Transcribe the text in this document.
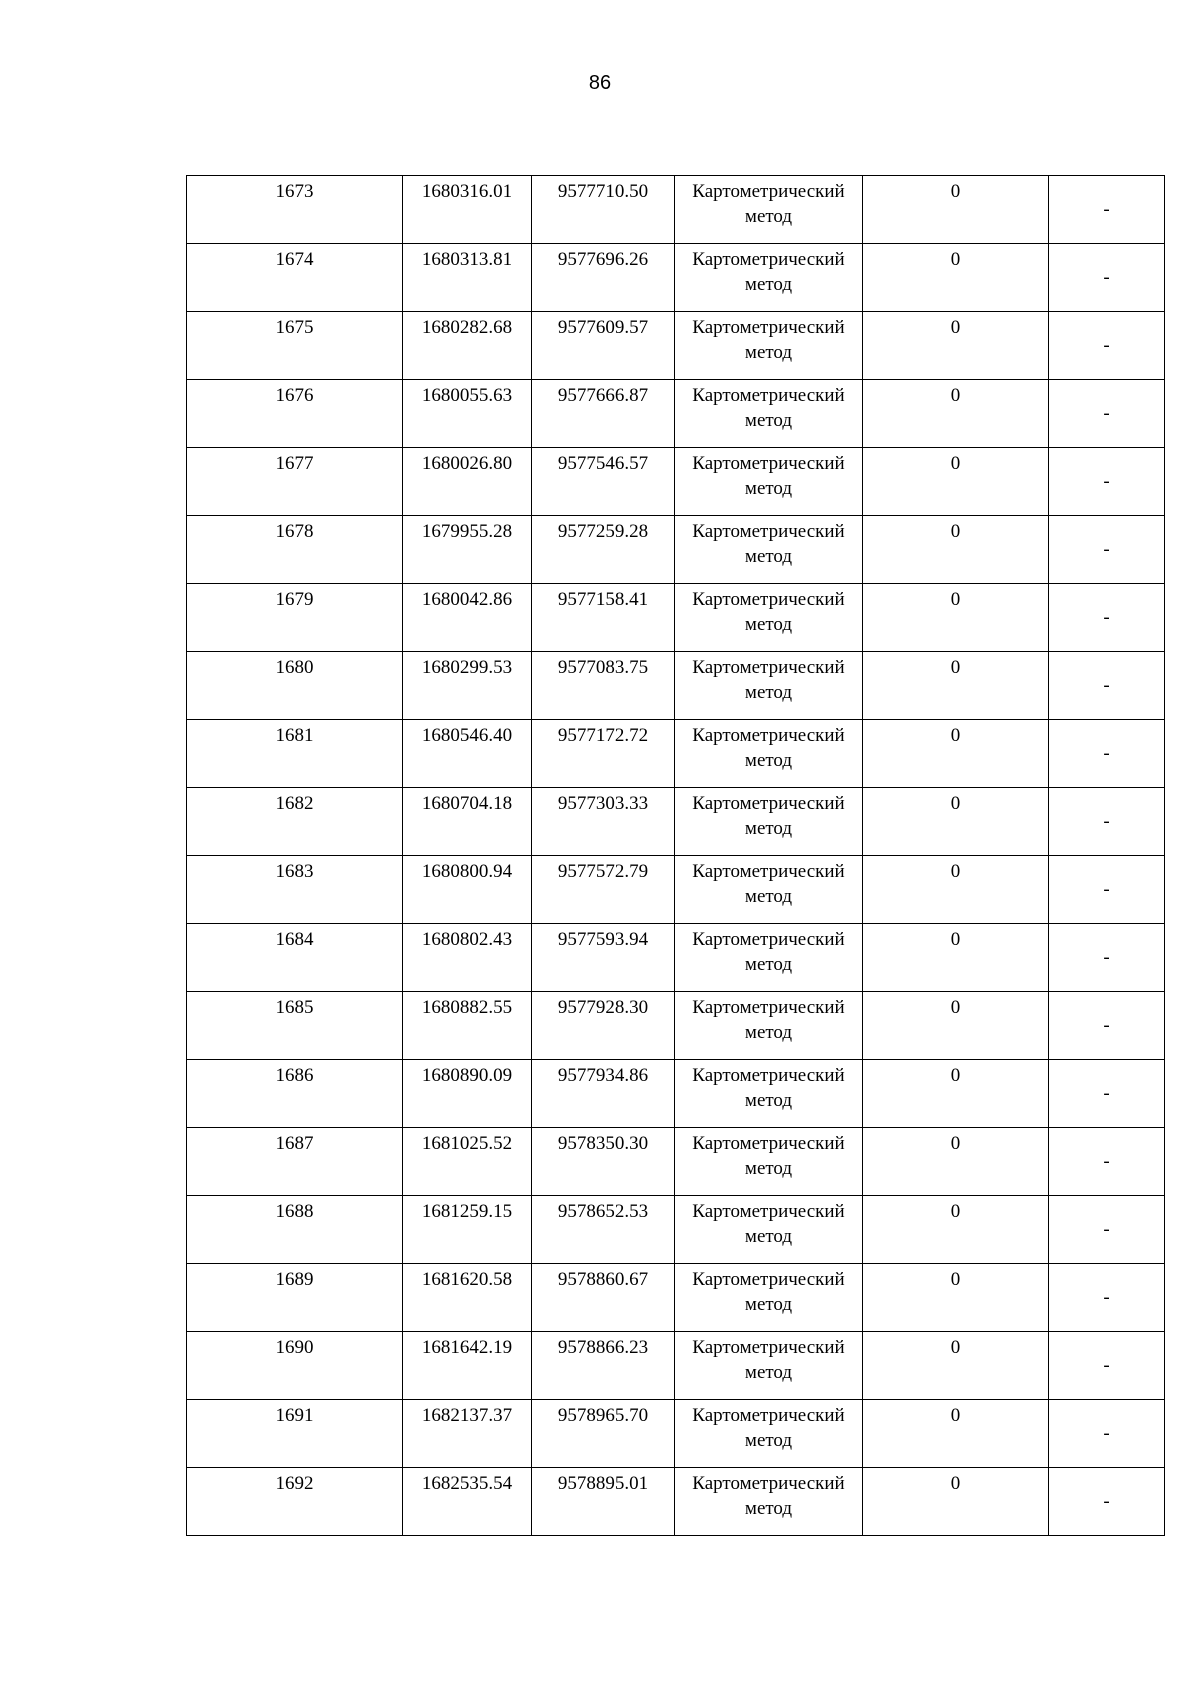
86
1673	1680316.01	9577710.50	Картометрический метод	0	-
1674	1680313.81	9577696.26	Картометрический метод	0	-
1675	1680282.68	9577609.57	Картометрический метод	0	-
1676	1680055.63	9577666.87	Картометрический метод	0	-
1677	1680026.80	9577546.57	Картометрический метод	0	-
1678	1679955.28	9577259.28	Картометрический метод	0	-
1679	1680042.86	9577158.41	Картометрический метод	0	-
1680	1680299.53	9577083.75	Картометрический метод	0	-
1681	1680546.40	9577172.72	Картометрический метод	0	-
1682	1680704.18	9577303.33	Картометрический метод	0	-
1683	1680800.94	9577572.79	Картометрический метод	0	-
1684	1680802.43	9577593.94	Картометрический метод	0	-
1685	1680882.55	9577928.30	Картометрический метод	0	-
1686	1680890.09	9577934.86	Картометрический метод	0	-
1687	1681025.52	9578350.30	Картометрический метод	0	-
1688	1681259.15	9578652.53	Картометрический метод	0	-
1689	1681620.58	9578860.67	Картометрический метод	0	-
1690	1681642.19	9578866.23	Картометрический метод	0	-
1691	1682137.37	9578965.70	Картометрический метод	0	-
1692	1682535.54	9578895.01	Картометрический метод	0	-
